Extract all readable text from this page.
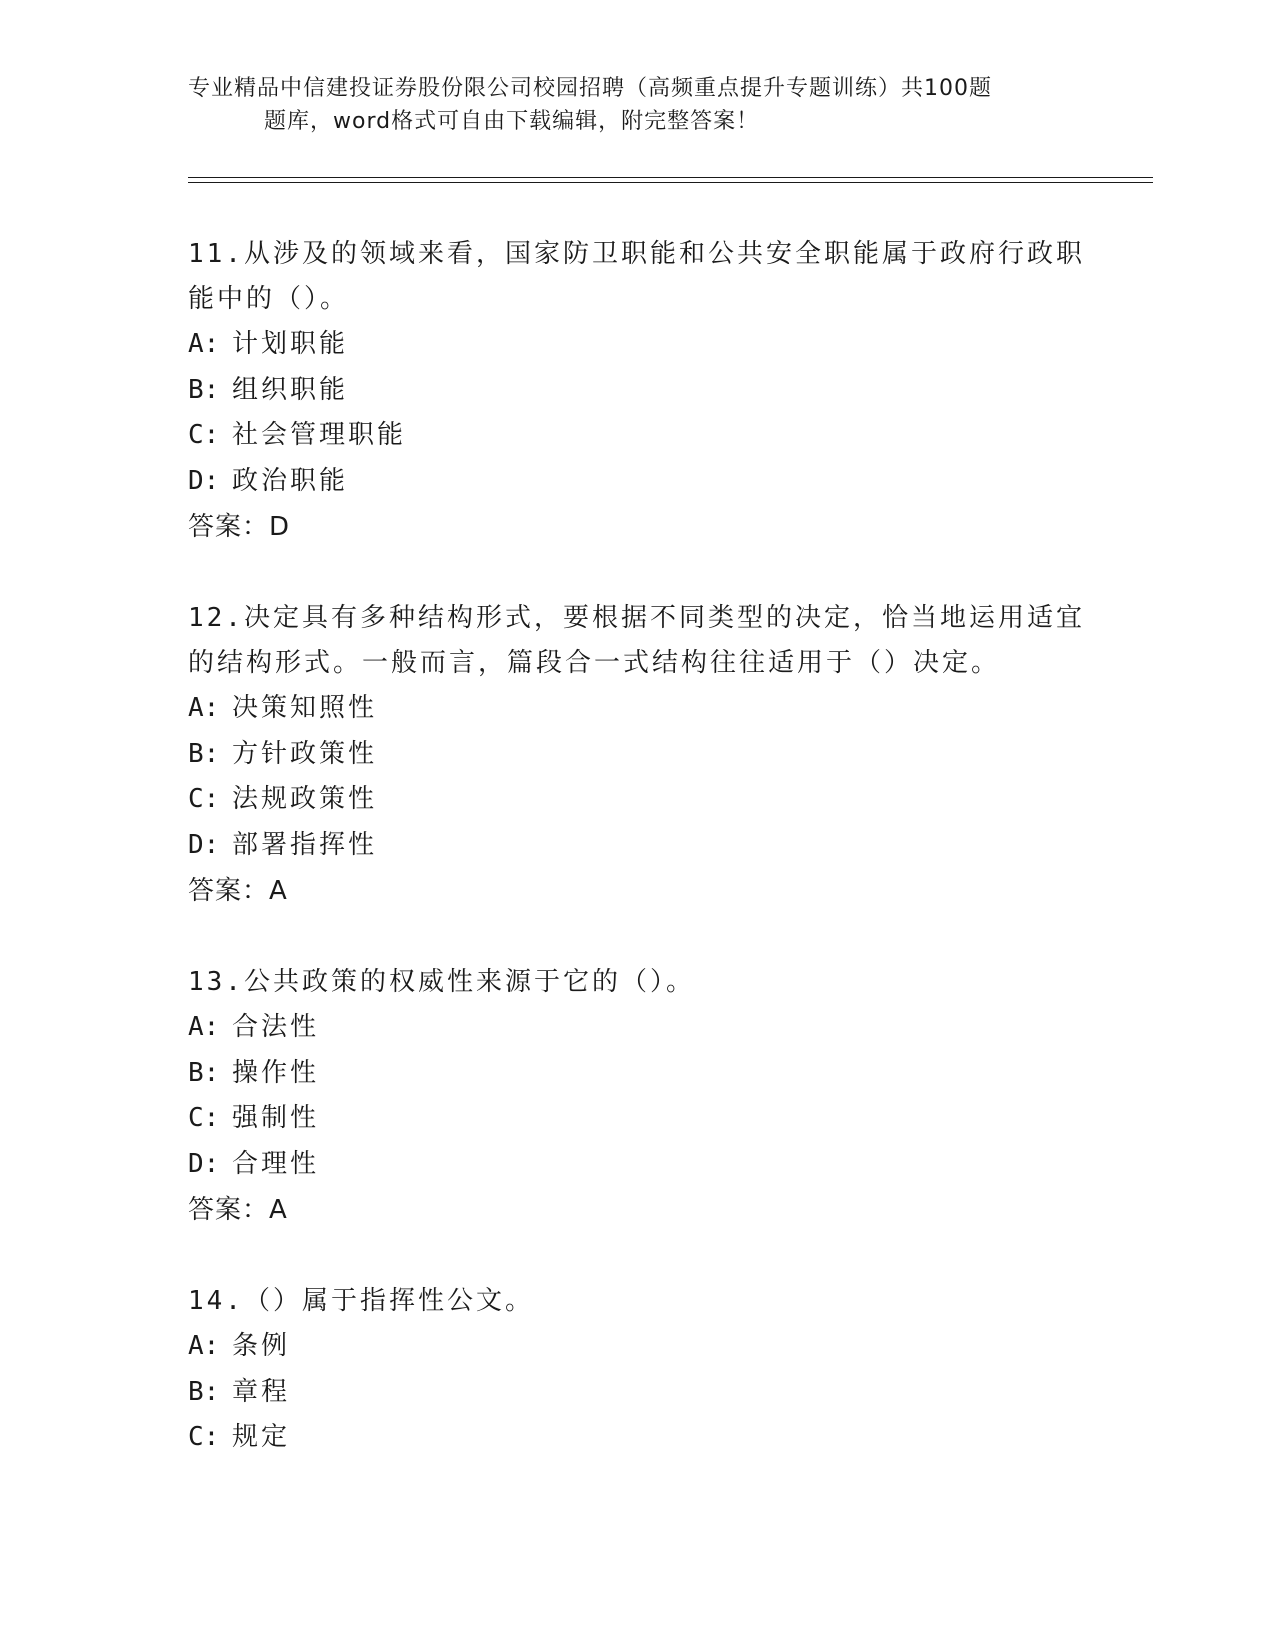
专业精品中信建投证券股份限公司校园招聘（高频重点提升专题训练）共100题
题库，word格式可自由下载编辑，附完整答案！
11.从涉及的领域来看，国家防卫职能和公共安全职能属于政府行政职
能中的（）。
A: 计划职能
B: 组织职能
C: 社会管理职能
D: 政治职能
答案：D
12.决定具有多种结构形式，要根据不同类型的决定，恰当地运用适宜
的结构形式。一般而言，篇段合一式结构往往适用于（）决定。
A: 决策知照性
B: 方针政策性
C: 法规政策性
D: 部署指挥性
答案：A
13.公共政策的权威性来源于它的（）。
A: 合法性
B: 操作性
C: 强制性
D: 合理性
答案：A
14.（）属于指挥性公文。
A: 条例
B: 章程
C: 规定
